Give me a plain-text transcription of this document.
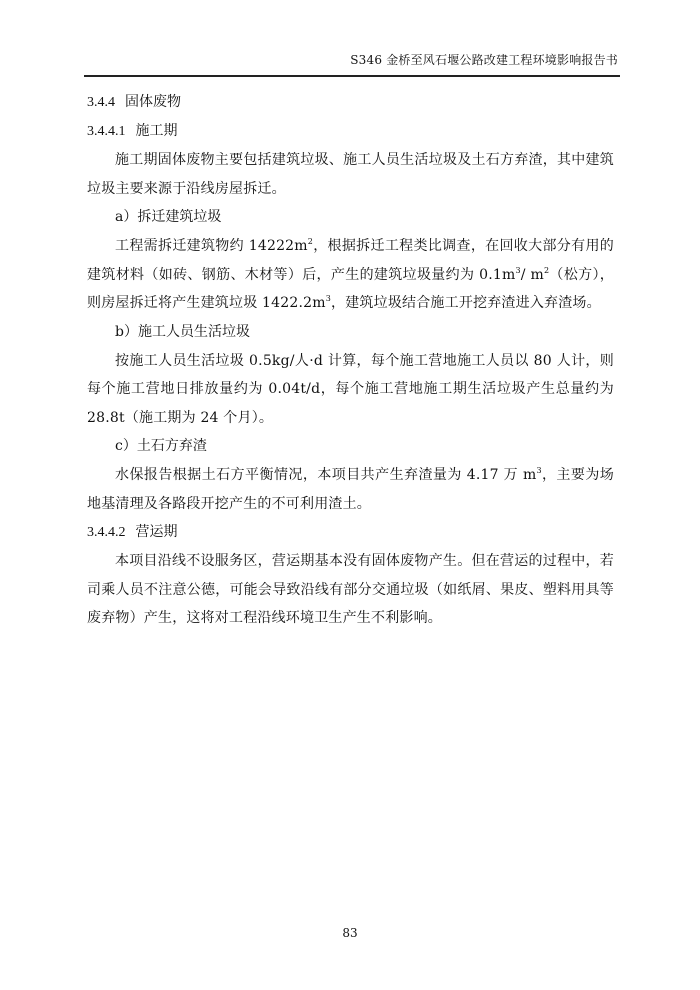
S346 金桥至风石堰公路改建工程环境影响报告书

3.4.4 固体废物

3.4.4.1 施工期

施工期固体废物主要包括建筑垃圾、施工人员生活垃圾及土石方弃渣，其中建筑垃圾主要来源于沿线房屋拆迁。

a）拆迁建筑垃圾

工程需拆迁建筑物约 $14222m^2$，根据拆迁工程类比调查，在回收大部分有用的建筑材料（如砖、钢筋、木材等）后，产生的建筑垃圾量约为 $0.1m^3/$ $m^2$（松方），则房屋拆迁将产生建筑垃圾 $1422.2m^3$，建筑垃圾结合施工开挖弃渣进入弃渣场。

b）施工人员生活垃圾

按施工人员生活垃圾 0.5kg/人·d 计算，每个施工营地施工人员以 80 人计，则每个施工营地日排放量约为 0.04t/d，每个施工营地施工期生活垃圾产生总量约为 28.8t（施工期为 24 个月）。

c）土石方弃渣

水保报告根据土石方平衡情况，本项目共产生弃渣量为 4.17 万 $m^3$，主要为场地基清理及各路段开挖产生的不可利用渣土。

3.4.4.2 营运期

本项目沿线不设服务区，营运期基本没有固体废物产生。但在营运的过程中，若司乘人员不注意公德，可能会导致沿线有部分交通垃圾（如纸屑、果皮、塑料用具等废弃物）产生，这将对工程沿线环境卫生产生不利影响。

83
